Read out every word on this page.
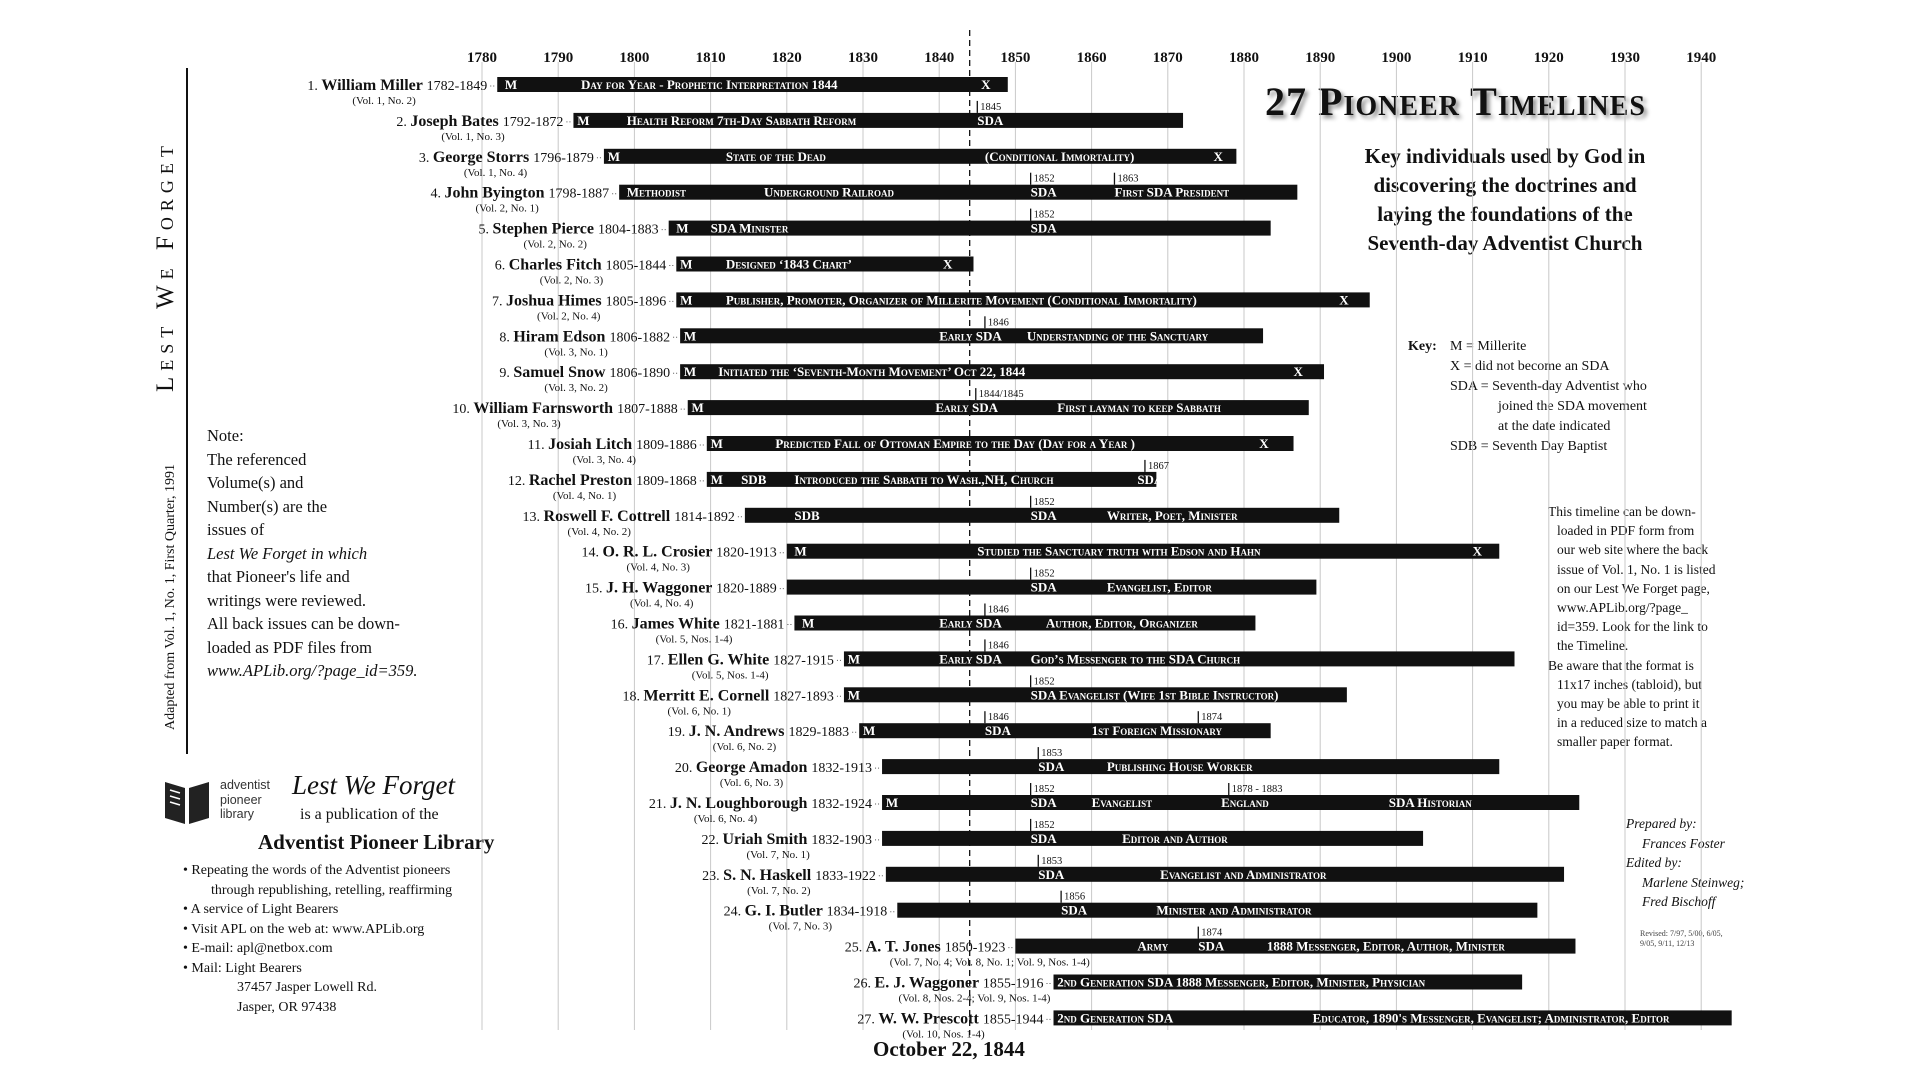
Lest We Forget
Adapted from Vol. 1, No. 1, First Quarter, 1991
27 Pioneer Timelines
Key individuals used by God in
discovering the doctrines and
laying the foundations of the
Seventh-day Adventist Church
Key: M = Millerite
X = did not become an SDA
SDA = Seventh-day Adventist who
joined the SDA movement
at the date indicated
SDB = Seventh Day Baptist
Note:
The referenced
Volume(s) and
Number(s) are the
issues of
Lest We Forget in which
that Pioneer's life and
writings were reviewed.
All back issues can be down-
loaded as PDF files from
www.APLib.org/?page_id=359.
This timeline can be down-
loaded in PDF form from
our web site where the back
issue of Vol. 1, No. 1 is listed
on our Lest We Forget page,
www.APLib.org/?page_
id=359. Look for the link to
the Timeline.
Be aware that the format is
11x17 inches (tabloid), but
you may be able to print it
in a reduced size to match a
smaller paper format.
Prepared by:
Frances Foster
Edited by:
Marlene Steinweg;
Fred Bischoff
Revised: 7/97, 5/00, 6/05,
9/05, 9/11, 12/13
adventist
pioneer
library
Lest We Forget
is a publication of the
Adventist Pioneer Library
• Repeating the words of the Adventist pioneers
through republishing, retelling, reaffirming
• A service of Light Bearers
• Visit APL on the web at: www.APLib.org
• E-mail: apl@netbox.com
• Mail: Light Bearers
37457 Jasper Lowell Rd.
Jasper, OR 97438
October 22, 1844
1780	1790	1800	1810	1820	1830	1840	1850	1860	1870	1880	1890	1900	1910	1920	1930	1940
1. William Miller 1782-1849
(Vol. 1, No. 2)
M	Day for Year - Prophetic Interpretation 1844	X
2. Joseph Bates 1792-1872
(Vol. 1, No. 3)
M	Health Reform 7th-Day Sabbath Reform	SDA
1845
3. George Storrs 1796-1879
(Vol. 1, No. 4)
M	State of the Dead	(Conditional Immortality)	X
4. John Byington 1798-1887
(Vol. 2, No. 1)
Methodist	Underground Railroad	SDA	First SDA President
1852	1863
5. Stephen Pierce 1804-1883
(Vol. 2, No. 2)
M SDA Minister	SDA
1852
6. Charles Fitch 1805-1844
(Vol. 2, No. 3)
M	Designed ‘1843 Chart’	X
7. Joshua Himes 1805-1896
(Vol. 2, No. 4)
M	Publisher, Promoter, Organizer of Millerite Movement (Conditional Immortality)	X
8. Hiram Edson 1806-1882
(Vol. 3, No. 1)
M	Early SDA Understanding of the Sanctuary
1846
9. Samuel Snow 1806-1890
(Vol. 3, No. 2)
M Initiated the ‘Seventh-Month Movement’ Oct 22, 1844	X
10. William Farnsworth 1807-1888
(Vol. 3, No. 3)
M	Early SDA	First layman to keep Sabbath
1844/1845
11. Josiah Litch 1809-1886
(Vol. 3, No. 4)
M	Predicted Fall of Ottoman Empire to the Day (Day for a Year )	X
12. Rachel Preston 1809-1868
(Vol. 4, No. 1)
M SDB Introduced the Sabbath to Wash.,NH, Church	SDA
1867
13. Roswell F. Cottrell 1814-1892
(Vol. 4, No. 2)
SDB	SDA	Writer, Poet, Minister
1852
14. O. R. L. Crosier 1820-1913
(Vol. 4, No. 3)
M	Studied the Sanctuary truth with Edson and Hahn	X
15. J. H. Waggoner 1820-1889
(Vol. 4, No. 4)
SDA	Evangelist, Editor
1852
16. James White 1821-1881
(Vol. 5, Nos. 1-4)
M	Early SDA	Author, Editor, Organizer
1846
17. Ellen G. White 1827-1915
(Vol. 5, Nos. 1-4)
M	Early SDA God’s Messenger to the SDA Church
1846
18. Merritt E. Cornell 1827-1893
(Vol. 6, No. 1)
M	SDA Evangelist (Wife 1st Bible Instructor)
1852
19. J. N. Andrews 1829-1883
(Vol. 6, No. 2)
M	SDA	1st Foreign Missionary
1846	1874
20. George Amadon 1832-1913
(Vol. 6, No. 3)
SDA	Publishing House Worker
1853
21. J. N. Loughborough 1832-1924
(Vol. 6, No. 4)
M	SDA	Evangelist	England	SDA Historian
1852	1878 - 1883
22. Uriah Smith 1832-1903
(Vol. 7, No. 1)
SDA	Editor and Author
1852
23. S. N. Haskell 1833-1922
(Vol. 7, No. 2)
SDA	Evangelist and Administrator
1853
24. G. I. Butler 1834-1918
(Vol. 7, No. 3)
SDA	Minister and Administrator
1856
25. A. T. Jones 1850-1923
(Vol. 7, No. 4; Vol. 8, No. 1; Vol. 9, Nos. 1-4)
Army SDA	1888 Messenger, Editor, Author, Minister
1874
26. E. J. Waggoner 1855-1916
(Vol. 8, Nos. 2-4; Vol. 9, Nos. 1-4)
2nd Generation SDA 1888 Messenger, Editor, Minister, Physician
27. W. W. Prescott 1855-1944
(Vol. 10, Nos. 1-4)
2nd Generation SDA	Educator, 1890's Messenger, Evangelist; Administrator, Editor
